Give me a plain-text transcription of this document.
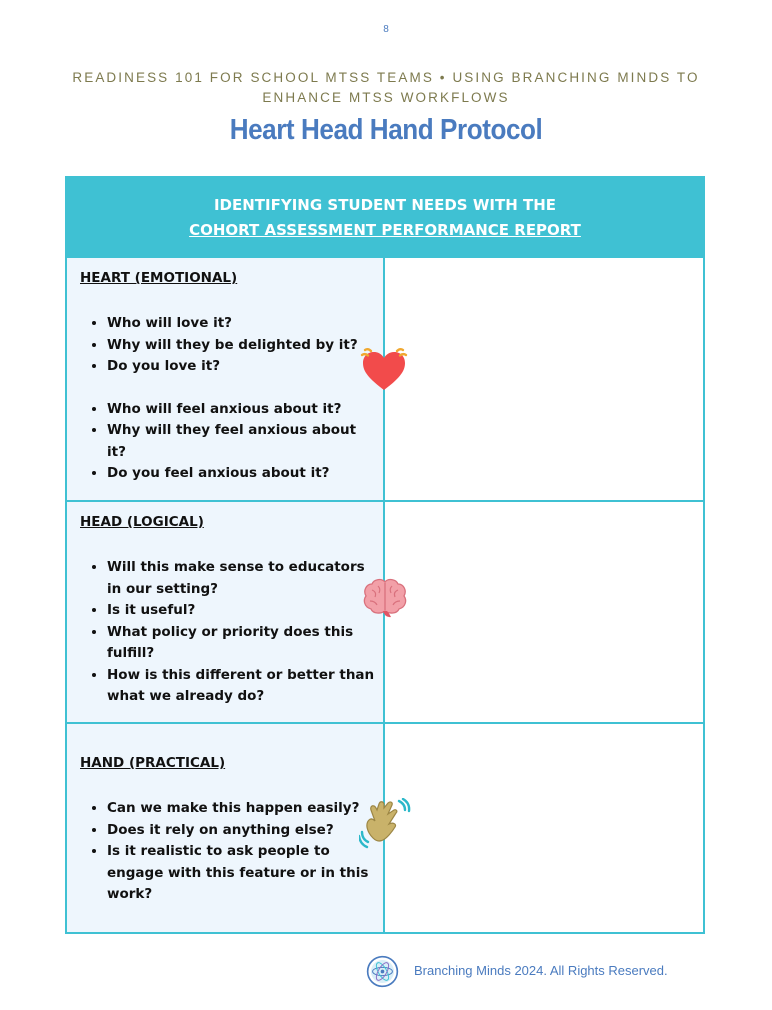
8
READINESS 101 FOR SCHOOL MTSS TEAMS • USING BRANCHING MINDS TO ENHANCE MTSS WORKFLOWS
Heart Head Hand Protocol
IDENTIFYING STUDENT NEEDS WITH THE
COHORT ASSESSMENT PERFORMANCE REPORT
HEART (EMOTIONAL)
• Who will love it?
• Why will they be delighted by it?
• Do you love it?
• Who will feel anxious about it?
• Why will they feel anxious about it?
• Do you feel anxious about it?
HEAD (LOGICAL)
• Will this make sense to educators in our setting?
• Is it useful?
• What policy or priority does this fulfill?
• How is this different or better than what we already do?
HAND (PRACTICAL)
• Can we make this happen easily?
• Does it rely on anything else?
• Is it realistic to ask people to engage with this feature or in this work?
Branching Minds 2024. All Rights Reserved.
